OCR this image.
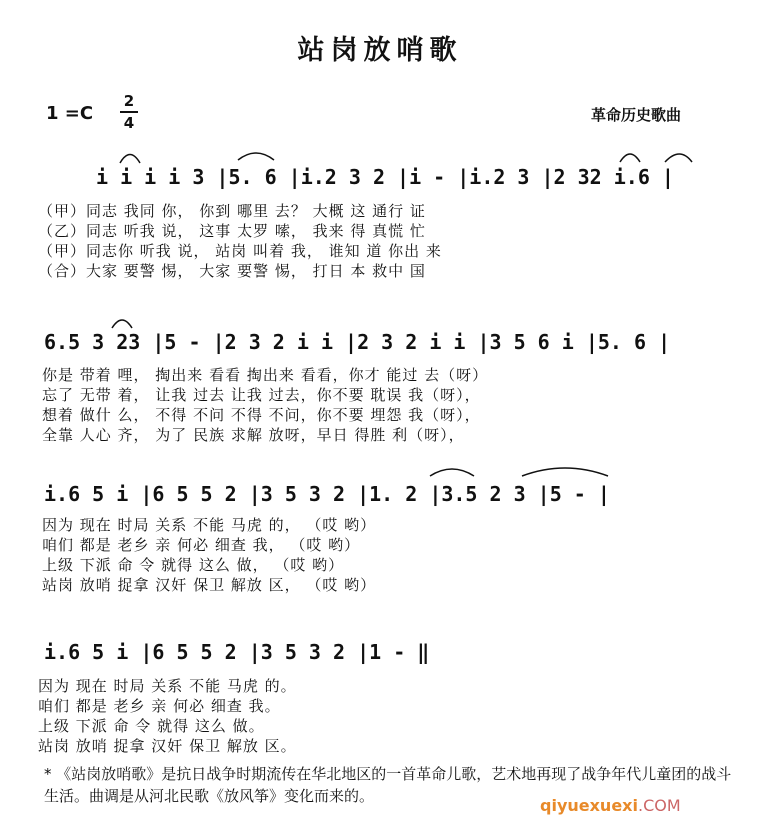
站岗放哨歌
1 =C
2
4	革命历史歌曲
i i i i 3 |5. 6 |i.2 3 2 |i - |i.2 3 |2 32 i.6 |
（甲）同志 我同 你， 你到 哪里 去？ 大概 这 通行 证
（乙）同志 听我 说， 这事 太罗 嗦， 我来 得 真慌 忙
（甲）同志你 听我 说， 站岗 叫着 我， 谁知 道 你出 来
（合）大家 要警 惕， 大家 要警 惕， 打日 本 救中 国
6.5 3 23 |5 - |2 3 2 i i |2 3 2 i i |3 5 6 i |5. 6 |
你是 带着 哩， 掏出来 看看 掏出来 看看，你才 能过 去（呀）
忘了 无带 着， 让我 过去 让我 过去，你不要 耽误 我（呀），
想着 做什 么， 不得 不问 不得 不问，你不要 埋怨 我（呀），
全靠 人心 齐， 为了 民族 求解 放呀，早日 得胜 利（呀），
i.6 5 i |6 5 5 2 |3 5 3 2 |1. 2 |3.5 2 3 |5 - |
因为 现在 时局 关系 不能 马虎 的， （哎 哟）
咱们 都是 老乡 亲 何必 细查 我， （哎 哟）
上级 下派 命 令 就得 这么 做， （哎 哟）
站岗 放哨 捉拿 汉奸 保卫 解放 区， （哎 哟）
i.6 5 i |6 5 5 2 |3 5 3 2 |1 - ‖
因为 现在 时局 关系 不能 马虎 的。
咱们 都是 老乡 亲 何必 细查 我。
上级 下派 命 令 就得 这么 做。
站岗 放哨 捉拿 汉奸 保卫 解放 区。
* 《站岗放哨歌》是抗日战争时期流传在华北地区的一首革命儿歌，艺术地再现了战争年代儿童团的战斗生活。曲调是从河北民歌《放风筝》变化而来的。	qiyuexuexi.COM
